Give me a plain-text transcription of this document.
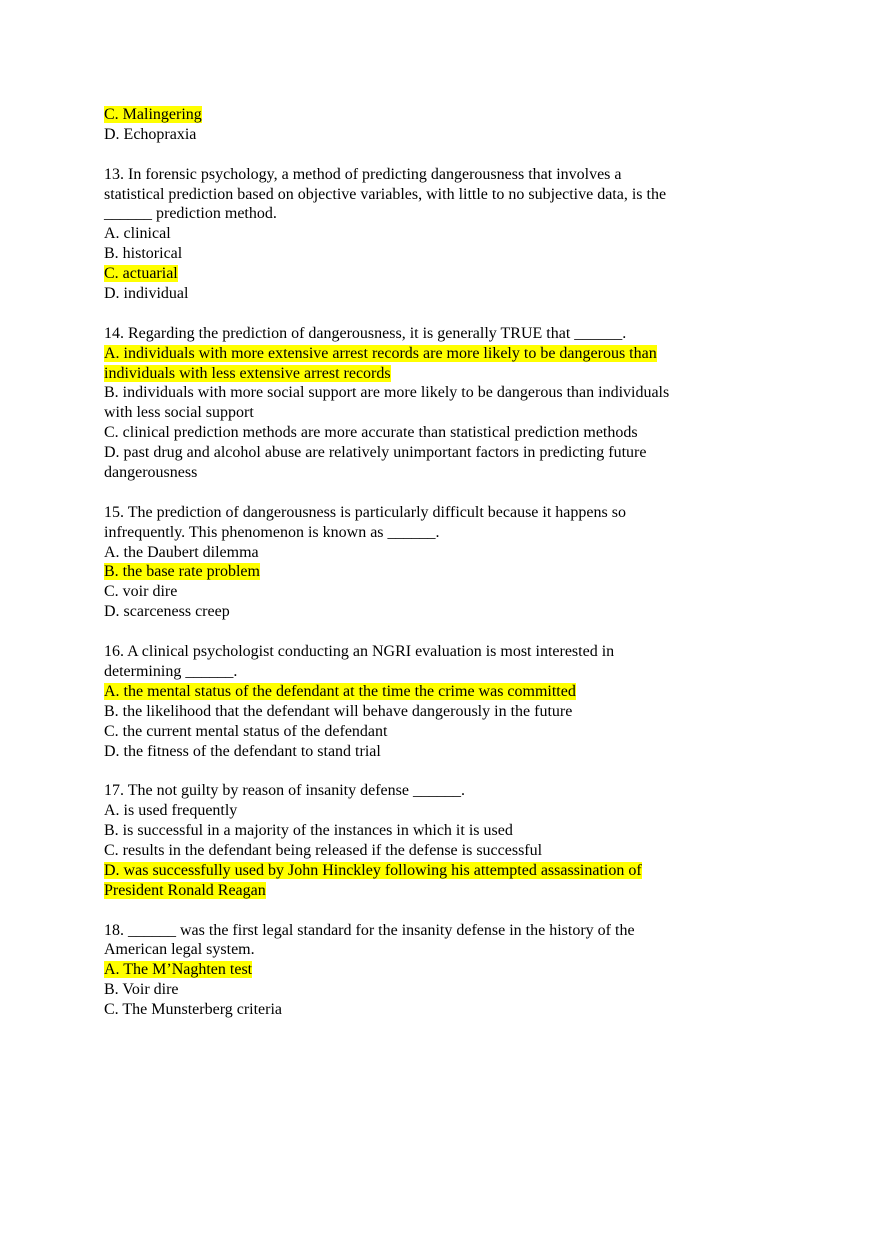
C. Malingering
D. Echopraxia
13. In forensic psychology, a method of predicting dangerousness that involves a
statistical prediction based on objective variables, with little to no subjective data, is the
______ prediction method.
A. clinical
B. historical
C. actuarial
D. individual
14. Regarding the prediction of dangerousness, it is generally TRUE that ______.
A. individuals with more extensive arrest records are more likely to be dangerous than
individuals with less extensive arrest records
B. individuals with more social support are more likely to be dangerous than individuals
with less social support
C. clinical prediction methods are more accurate than statistical prediction methods
D. past drug and alcohol abuse are relatively unimportant factors in predicting future
dangerousness
15. The prediction of dangerousness is particularly difficult because it happens so
infrequently. This phenomenon is known as ______.
A. the Daubert dilemma
B. the base rate problem
C. voir dire
D. scarceness creep
16. A clinical psychologist conducting an NGRI evaluation is most interested in
determining ______.
A. the mental status of the defendant at the time the crime was committed
B. the likelihood that the defendant will behave dangerously in the future
C. the current mental status of the defendant
D. the fitness of the defendant to stand trial
17. The not guilty by reason of insanity defense ______.
A. is used frequently
B. is successful in a majority of the instances in which it is used
C. results in the defendant being released if the defense is successful
D. was successfully used by John Hinckley following his attempted assassination of
President Ronald Reagan
18. ______ was the first legal standard for the insanity defense in the history of the
American legal system.
A. The M’Naghten test
B. Voir dire
C. The Munsterberg criteria
